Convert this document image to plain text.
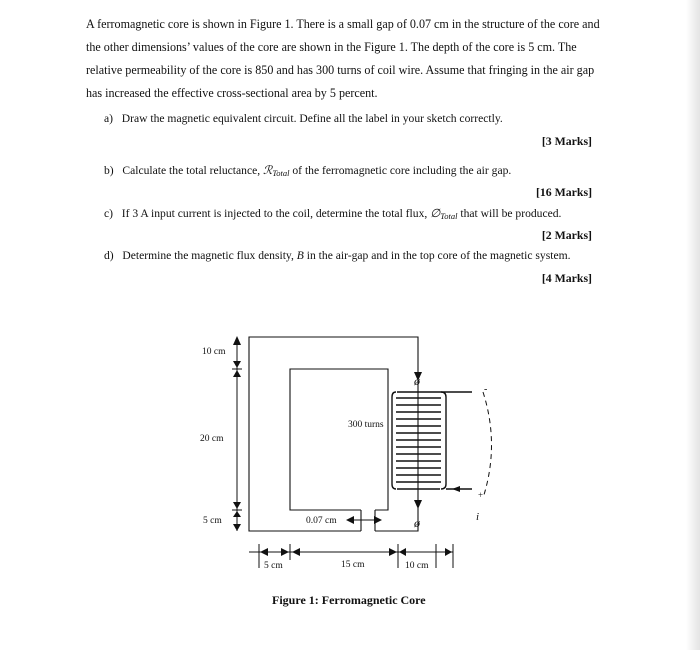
A ferromagnetic core is shown in Figure 1. There is a small gap of 0.07 cm in the structure of the core and
the other dimensions’ values of the core are shown in the Figure 1. The depth of the core is 5 cm. The
relative permeability of the core is 850 and has 300 turns of coil wire. Assume that fringing in the air gap
has increased the effective cross-sectional area by 5 percent.
a) Draw the magnetic equivalent circuit. Define all the label in your sketch correctly.
[3 Marks]
b) Calculate the total reluctance, ℛTotal of the ferromagnetic core including the air gap.
[16 Marks]
c) If 3 A input current is injected to the coil, determine the total flux, ∅Total that will be produced.
[2 Marks]
d) Determine the magnetic flux density, B in the air-gap and in the top core of the magnetic system.
[4 Marks]
ø
ø
10 cm
20 cm
5 cm
300 turns
0.07 cm
5 cm	15 cm	10 cm
i
+
-
Figure 1: Ferromagnetic Core
